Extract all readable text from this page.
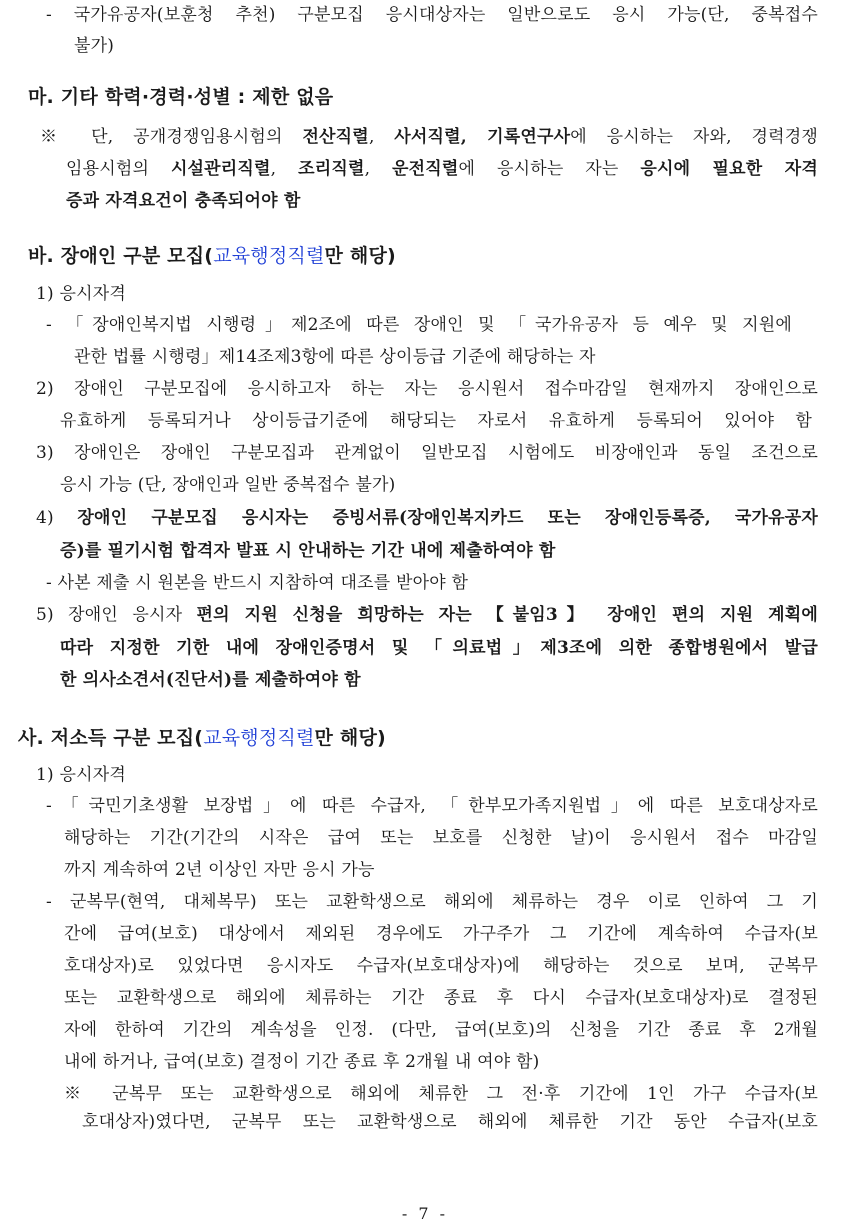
- 국가유공자(보훈청 추천) 구분모집 응시대상자는 일반으로도 응시 가능(단, 중복접수
불가)
마. 기타 학력·경력·성별 : 제한 없음
※ 단, 공개경쟁임용시험의 전산직렬, 사서직렬, 기록연구사에 응시하는 자와, 경력경쟁
임용시험의 시설관리직렬, 조리직렬, 운전직렬에 응시하는 자는 응시에 필요한 자격
증과 자격요건이 충족되어야 함
바. 장애인 구분 모집(교육행정직렬만 해당)
1) 응시자격
- 「장애인복지법 시행령」제2조에 따른 장애인 및 「국가유공자 등 예우 및 지원에
관한 법률 시행령」제14조제3항에 따른 상이등급 기준에 해당하는 자
2) 장애인 구분모집에 응시하고자 하는 자는 응시원서 접수마감일 현재까지 장애인으로
유효하게 등록되거나 상이등급기준에 해당되는 자로서 유효하게 등록되어 있어야 함
3) 장애인은 장애인 구분모집과 관계없이 일반모집 시험에도 비장애인과 동일 조건으로
응시 가능 (단, 장애인과 일반 중복접수 불가)
4) 장애인 구분모집 응시자는 증빙서류(장애인복지카드 또는 장애인등록증, 국가유공자
증)를 필기시험 합격자 발표 시 안내하는 기간 내에 제출하여야 함
- 사본 제출 시 원본을 반드시 지참하여 대조를 받아야 함
5) 장애인 응시자 편의 지원 신청을 희망하는 자는 【붙임3】 장애인 편의 지원 계획에
따라 지정한 기한 내에 장애인증명서 및 「의료법」제3조에 의한 종합병원에서 발급
한 의사소견서(진단서)를 제출하여야 함
사. 저소득 구분 모집(교육행정직렬만 해당)
1) 응시자격
-「국민기초생활 보장법」에 따른 수급자, 「한부모가족지원법」에 따른 보호대상자로
해당하는 기간(기간의 시작은 급여 또는 보호를 신청한 날)이 응시원서 접수 마감일
까지 계속하여 2년 이상인 자만 응시 가능
- 군복무(현역, 대체복무) 또는 교환학생으로 해외에 체류하는 경우 이로 인하여 그 기
간에 급여(보호) 대상에서 제외된 경우에도 가구주가 그 기간에 계속하여 수급자(보
호대상자)로 있었다면 응시자도 수급자(보호대상자)에 해당하는 것으로 보며, 군복무
또는 교환학생으로 해외에 체류하는 기간 종료 후 다시 수급자(보호대상자)로 결정된
자에 한하여 기간의 계속성을 인정. (다만, 급여(보호)의 신청을 기간 종료 후 2개월
내에 하거나, 급여(보호) 결정이 기간 종료 후 2개월 내 여야 함)
※ 군복무 또는 교환학생으로 해외에 체류한 그 전·후 기간에 1인 가구 수급자(보
호대상자)였다면, 군복무 또는 교환학생으로 해외에 체류한 기간 동안 수급자(보호
- 7 -
